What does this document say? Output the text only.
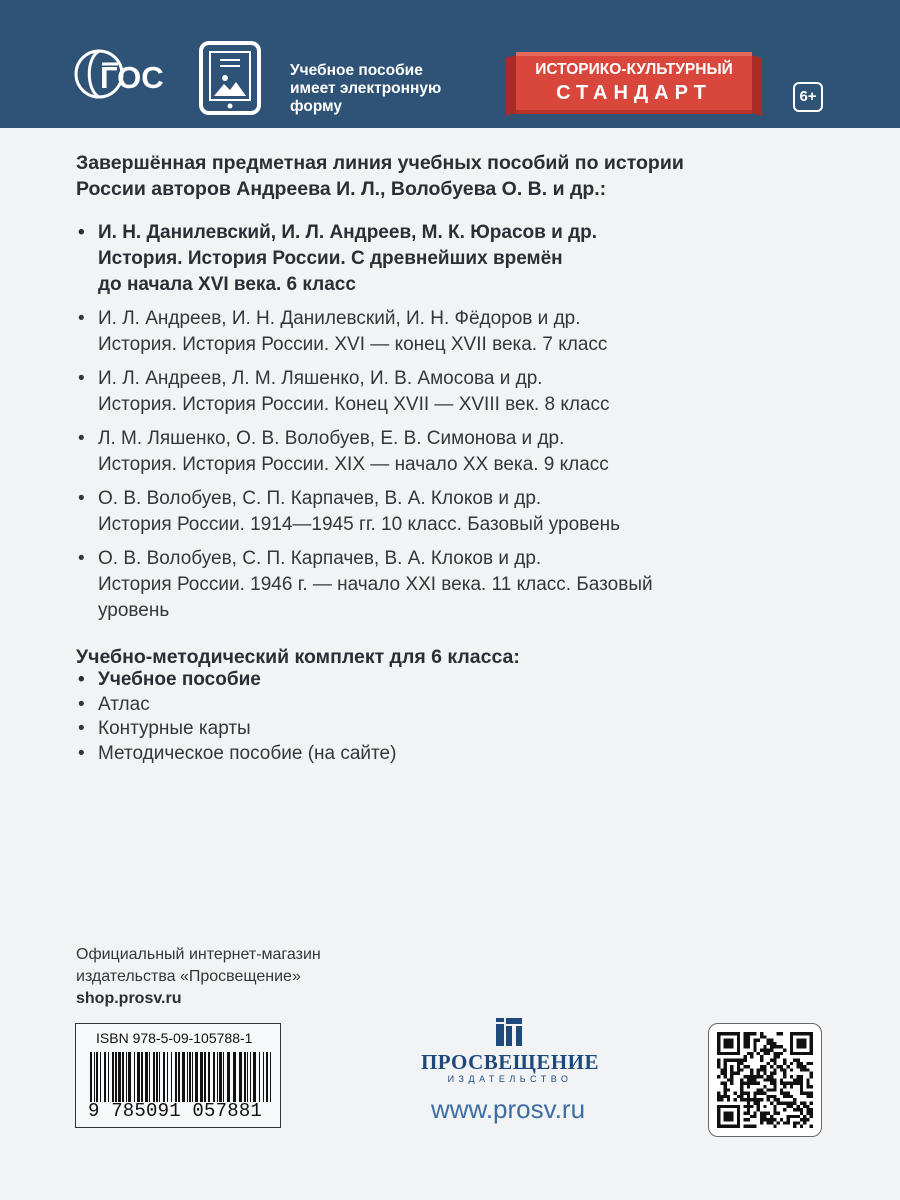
ГОС	Учебное пособие
имеет электронную
форму
ИСТОРИКО-КУЛЬТУРНЫЙ
СТАНДАРТ	6+
Завершённая предметная линия учебных пособий по истории
России авторов Андреева И. Л., Волобуева О. В. и др.:
• И. Н. Данилевский, И. Л. Андреев, М. К. Юрасов и др.
История. История России. С древнейших времён
до начала XVI века. 6 класс
• И. Л. Андреев, И. Н. Данилевский, И. Н. Фёдоров и др.
История. История России. XVI — конец XVII века. 7 класс
• И. Л. Андреев, Л. М. Ляшенко, И. В. Амосова и др.
История. История России. Конец XVII — XVIII век. 8 класс
• Л. М. Ляшенко, О. В. Волобуев, Е. В. Симонова и др.
История. История России. XIX — начало XX века. 9 класс
• О. В. Волобуев, С. П. Карпачев, В. А. Клоков и др.
История России. 1914—1945 гг. 10 класс. Базовый уровень
• О. В. Волобуев, С. П. Карпачев, В. А. Клоков и др.
История России. 1946 г. — начало XXI века. 11 класс. Базовый
уровень
Учебно-методический комплект для 6 класса:
• Учебное пособие
• Атлас
• Контурные карты
• Методическое пособие (на сайте)
Официальный интернет-магазин
издательства «Просвещение»
shop.prosv.ru
ISBN 978-5-09-105788-1
9 785091 057881
ПРОСВЕЩЕНИЕ
ИЗДАТЕЛЬСТВО
www.prosv.ru
